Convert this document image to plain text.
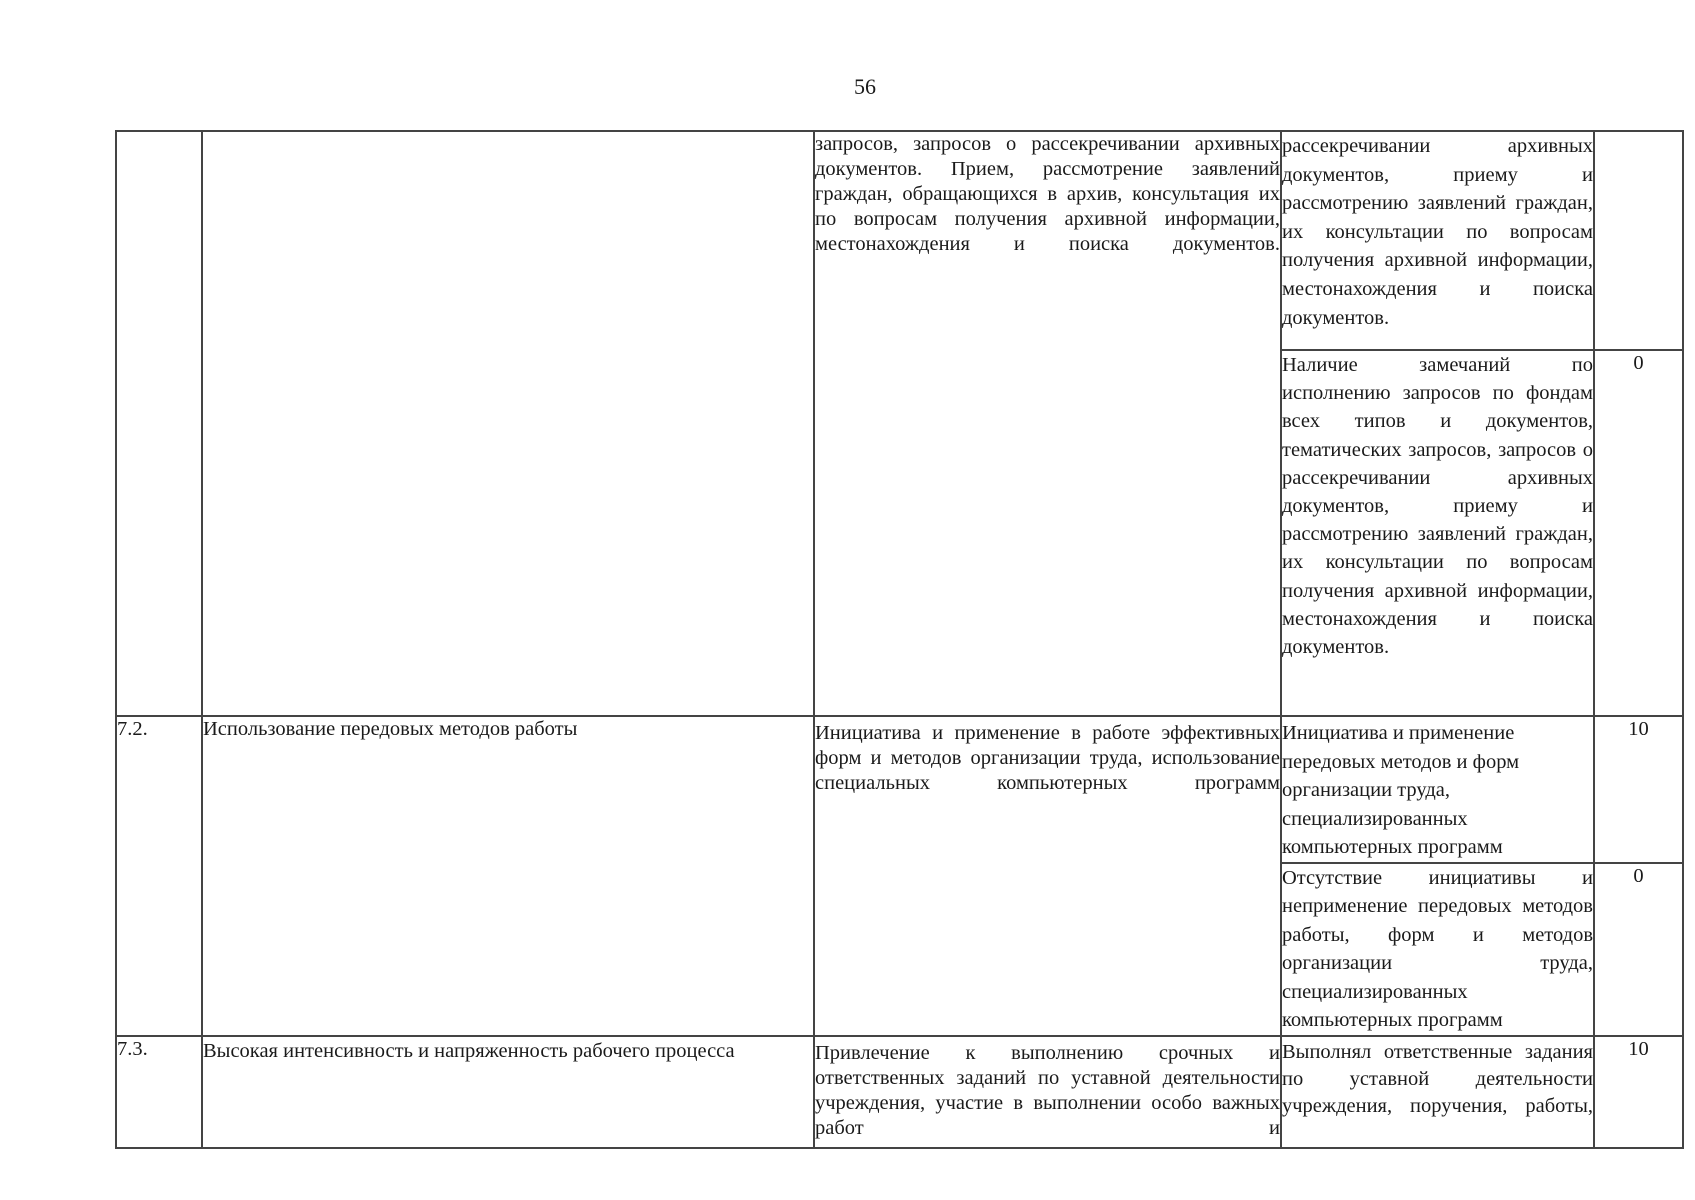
56
		запросов, запросов о рассекречивании архивных документов. Прием, рассмотрение заявлений граждан, обращающихся в архив, консультация их по вопросам получения архивной информации, местонахождения и поиска документов.	рассекречивании архивных документов, приему и рассмотрению заявлений граждан, их консультации по вопросам получения архивной информации, местонахождения и поиска документов.	
			Наличие замечаний по исполнению запросов по фондам всех типов и документов, тематических запросов, запросов о рассекречивании архивных документов, приему и рассмотрению заявлений граждан, их консультации по вопросам получения архивной информации, местонахождения и поиска документов.	0
7.2.	Использование передовых методов работы	Инициатива и применение в работе эффективных форм и методов организации труда, использование специальных компьютерных программ	Инициатива и применение передовых методов и форм организации труда, специализированных компьютерных программ	10
			Отсутствие инициативы и неприменение передовых методов работы, форм и методов организации труда, специализированных компьютерных программ	0
7.3.	Высокая интенсивность и напряженность рабочего процесса	Привлечение к выполнению срочных и ответственных заданий по уставной деятельности учреждения, участие в выполнении особо важных работ и	Выполнял ответственные задания по уставной деятельности учреждения, поручения, работы,	10
